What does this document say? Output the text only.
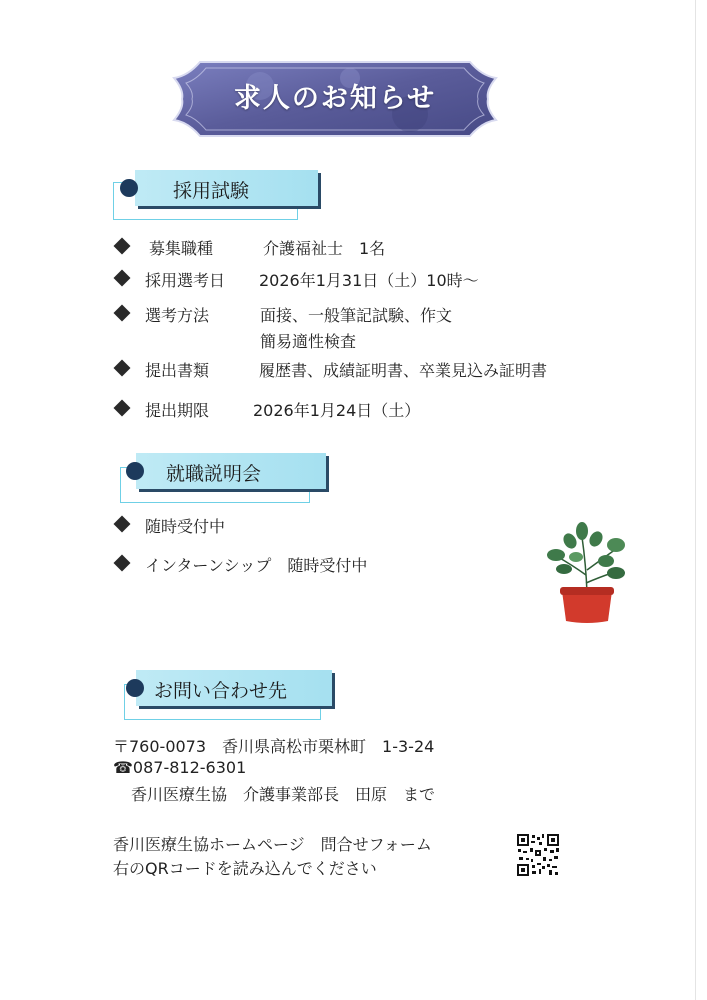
求人のお知らせ
採用試験
募集職種	介護福祉士　1名
採用選考日 2026年1月31日（土）10時～
選考方法	面接、一般筆記試験、作文
簡易適性検査
提出書類	履歴書、成績証明書、卒業見込み証明書
提出期限	2026年1月24日（土）
就職説明会
随時受付中
インターンシップ　随時受付中
お問い合わせ先
〒760-0073　香川県高松市栗林町　1-3-24
☎087-812-6301
香川医療生協　介護事業部長　田原　まで
香川医療生協ホームページ　問合せフォーム
右のQRコードを読み込んでください
